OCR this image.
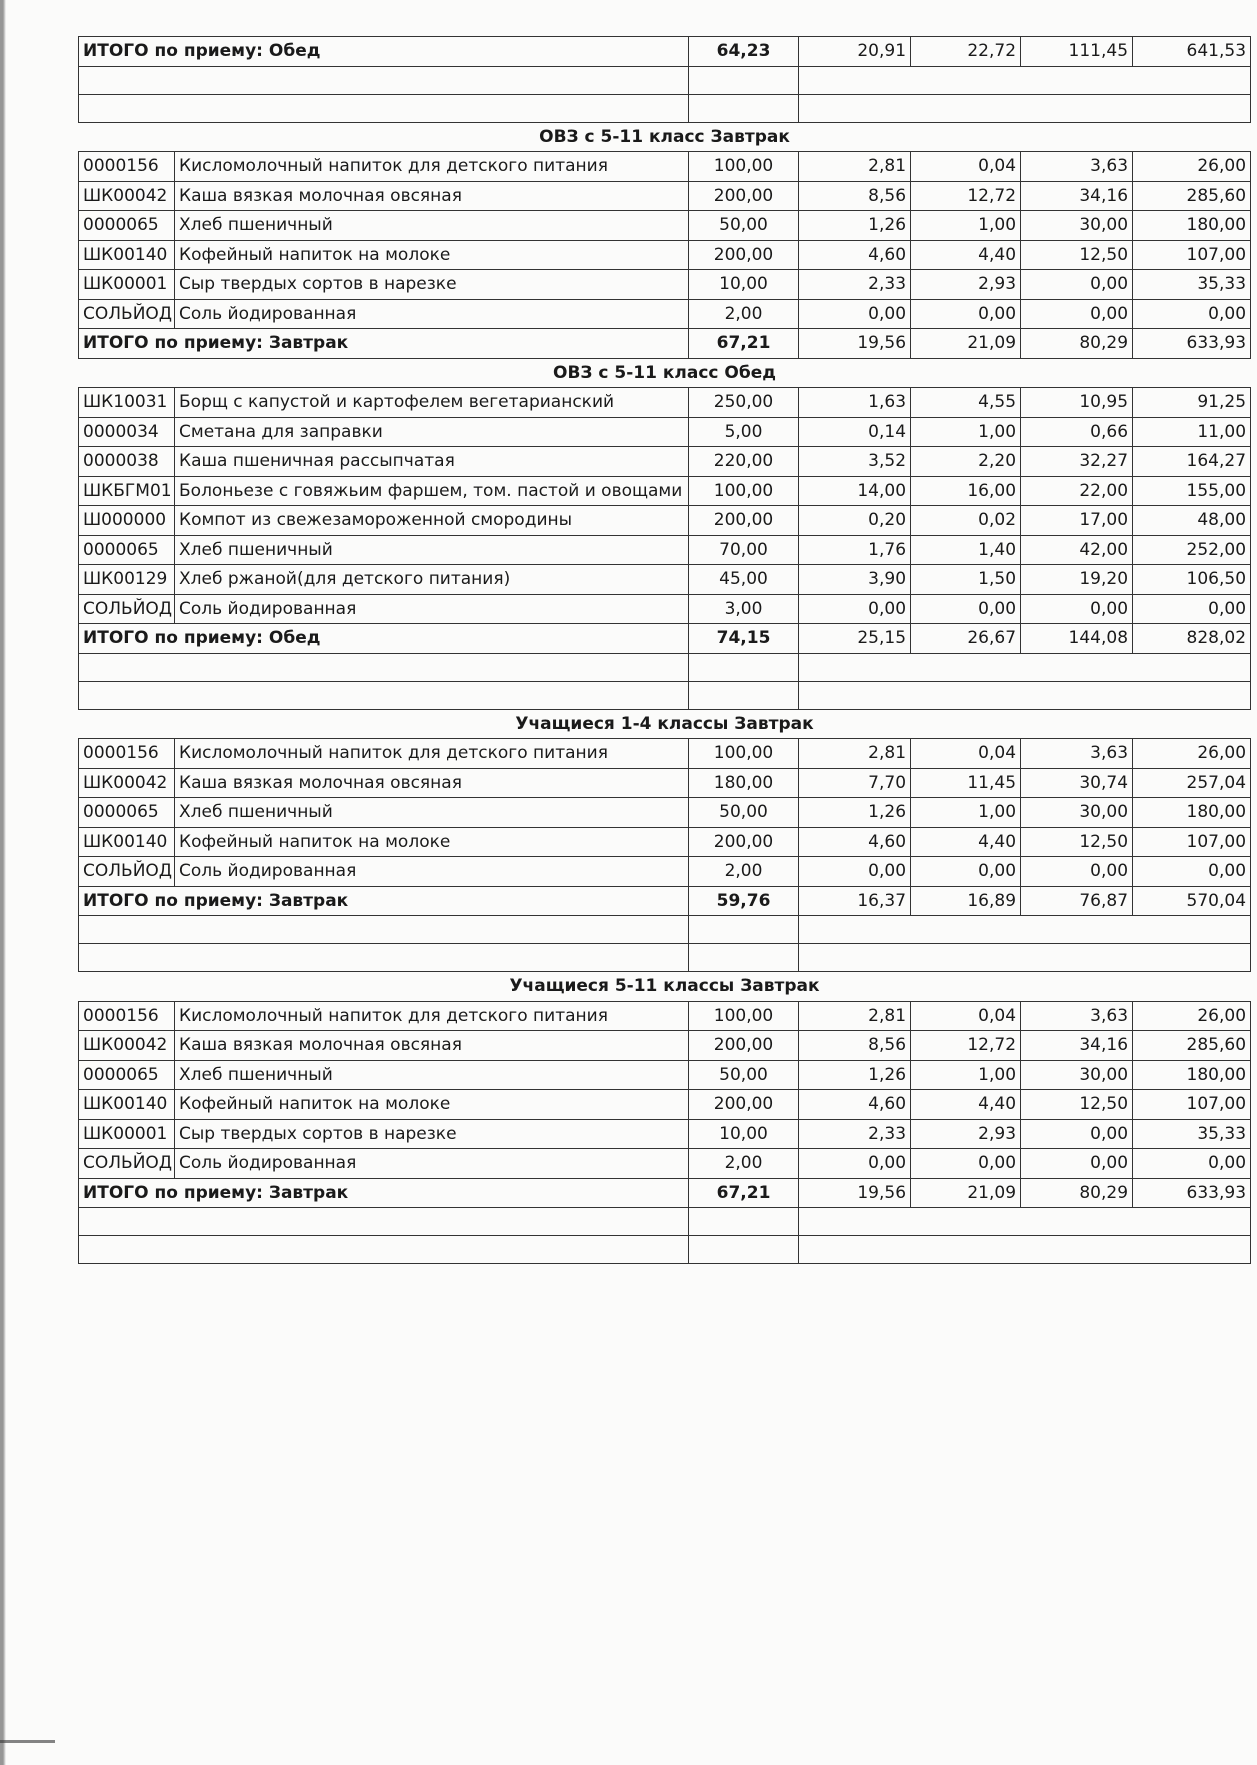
ИТОГО по приему: Обед		64,23	20,91	22,72	111,45	641,53

ОВЗ с 5-11 класс Завтрак						
0000156	Кисломолочный напиток для детского питания	100,00	2,81	0,04	3,63	26,00
ШК00042	Каша вязкая молочная овсяная	200,00	8,56	12,72	34,16	285,60
0000065	Хлеб пшеничный	50,00	1,26	1,00	30,00	180,00
ШК00140	Кофейный напиток на молоке	200,00	4,60	4,40	12,50	107,00
ШК00001	Сыр твердых сортов в нарезке	10,00	2,33	2,93	0,00	35,33
СОЛЬЙОД	Соль йодированная	2,00	0,00	0,00	0,00	0,00
ИТОГО по приему: Завтрак		67,21	19,56	21,09	80,29	633,93
ОВЗ с 5-11 класс Обед						
ШК10031	Борщ с капустой и картофелем вегетарианский	250,00	1,63	4,55	10,95	91,25
0000034	Сметана для заправки	5,00	0,14	1,00	0,66	11,00
0000038	Каша пшеничная рассыпчатая	220,00	3,52	2,20	32,27	164,27
ШКБГМ01	Болоньезе с говяжьим фаршем, том. пастой и овощами	100,00	14,00	16,00	22,00	155,00
Ш000000	Компот из свежезамороженной смородины	200,00	0,20	0,02	17,00	48,00
0000065	Хлеб пшеничный	70,00	1,76	1,40	42,00	252,00
ШК00129	Хлеб ржаной(для детского питания)	45,00	3,90	1,50	19,20	106,50
СОЛЬЙОД	Соль йодированная	3,00	0,00	0,00	0,00	0,00
ИТОГО по приему: Обед		74,15	25,15	26,67	144,08	828,02

Учащиеся 1-4 классы Завтрак						
0000156	Кисломолочный напиток для детского питания	100,00	2,81	0,04	3,63	26,00
ШК00042	Каша вязкая молочная овсяная	180,00	7,70	11,45	30,74	257,04
0000065	Хлеб пшеничный	50,00	1,26	1,00	30,00	180,00
ШК00140	Кофейный напиток на молоке	200,00	4,60	4,40	12,50	107,00
СОЛЬЙОД	Соль йодированная	2,00	0,00	0,00	0,00	0,00
ИТОГО по приему: Завтрак		59,76	16,37	16,89	76,87	570,04

Учащиеся 5-11 классы Завтрак						
0000156	Кисломолочный напиток для детского питания	100,00	2,81	0,04	3,63	26,00
ШК00042	Каша вязкая молочная овсяная	200,00	8,56	12,72	34,16	285,60
0000065	Хлеб пшеничный	50,00	1,26	1,00	30,00	180,00
ШК00140	Кофейный напиток на молоке	200,00	4,60	4,40	12,50	107,00
ШК00001	Сыр твердых сортов в нарезке	10,00	2,33	2,93	0,00	35,33
СОЛЬЙОД	Соль йодированная	2,00	0,00	0,00	0,00	0,00
ИТОГО по приему: Завтрак		67,21	19,56	21,09	80,29	633,93
